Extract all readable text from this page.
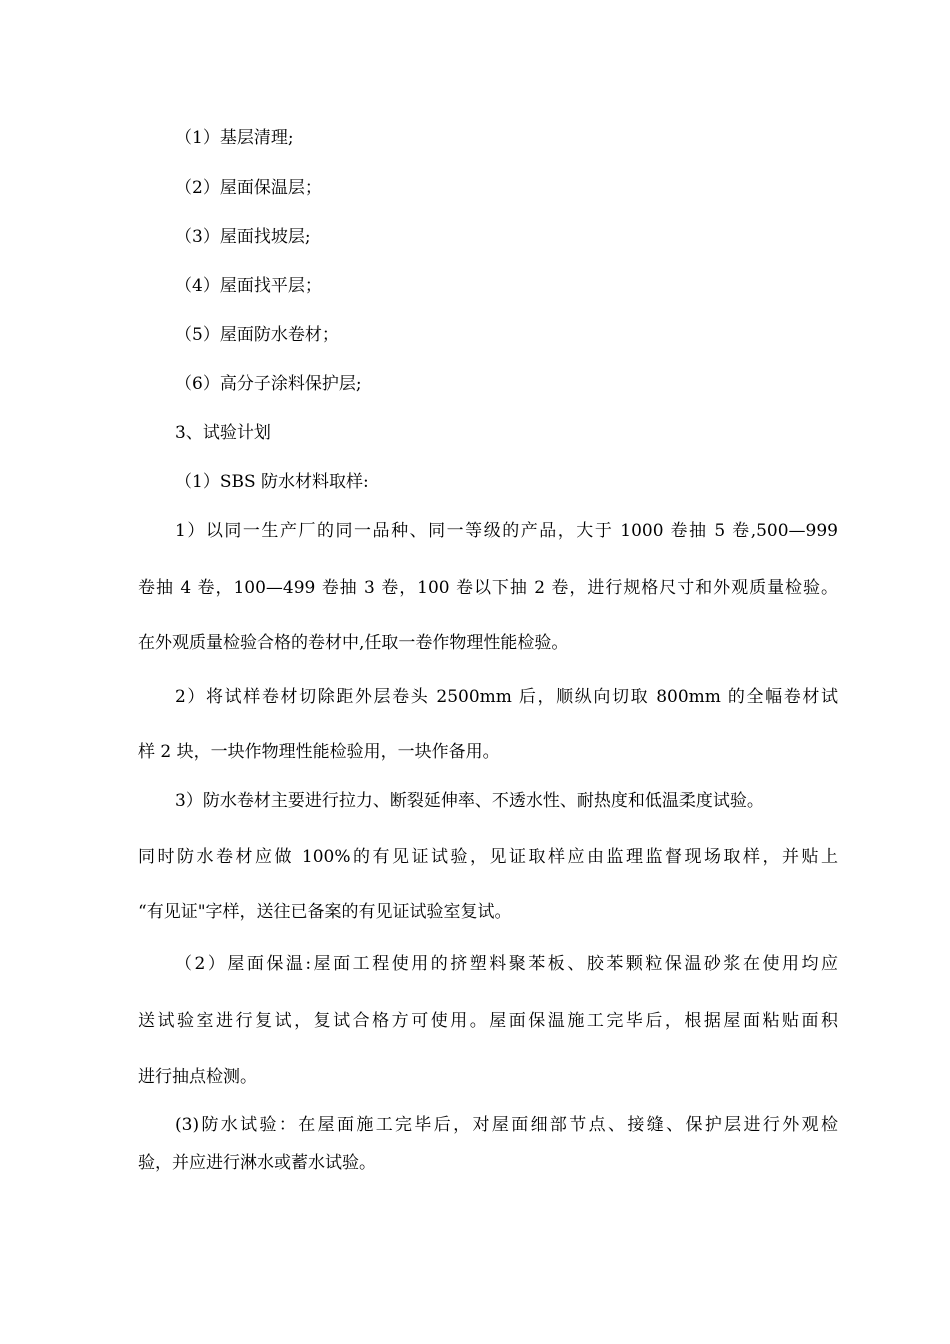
（1）基层清理;
（2）屋面保温层；
（3）屋面找坡层;
（4）屋面找平层；
（5）屋面防水卷材；
（6）高分子涂料保护层;
3、试验计划
（1）SBS 防水材料取样:
1）以同一生产厂的同一品种、同一等级的产品，大于 1000 卷抽 5 卷,500—999
卷抽 4 卷，100—499 卷抽 3 卷，100 卷以下抽 2 卷，进行规格尺寸和外观质量检验。
在外观质量检验合格的卷材中,任取一卷作物理性能检验。
2）将试样卷材切除距外层卷头 2500mm 后，顺纵向切取 800mm 的全幅卷材试
样 2 块，一块作物理性能检验用，一块作备用。
3）防水卷材主要进行拉力、断裂延伸率、不透水性、耐热度和低温柔度试验。
同时防水卷材应做 100%的有见证试验，见证取样应由监理监督现场取样，并贴上
“有见证"字样，送往已备案的有见证试验室复试。
（2）屋面保温:屋面工程使用的挤塑料聚苯板、胶苯颗粒保温砂浆在使用均应
送试验室进行复试，复试合格方可使用。屋面保温施工完毕后，根据屋面粘贴面积
进行抽点检测。
(3)防水试验：在屋面施工完毕后，对屋面细部节点、接缝、保护层进行外观检
验，并应进行淋水或蓄水试验。
